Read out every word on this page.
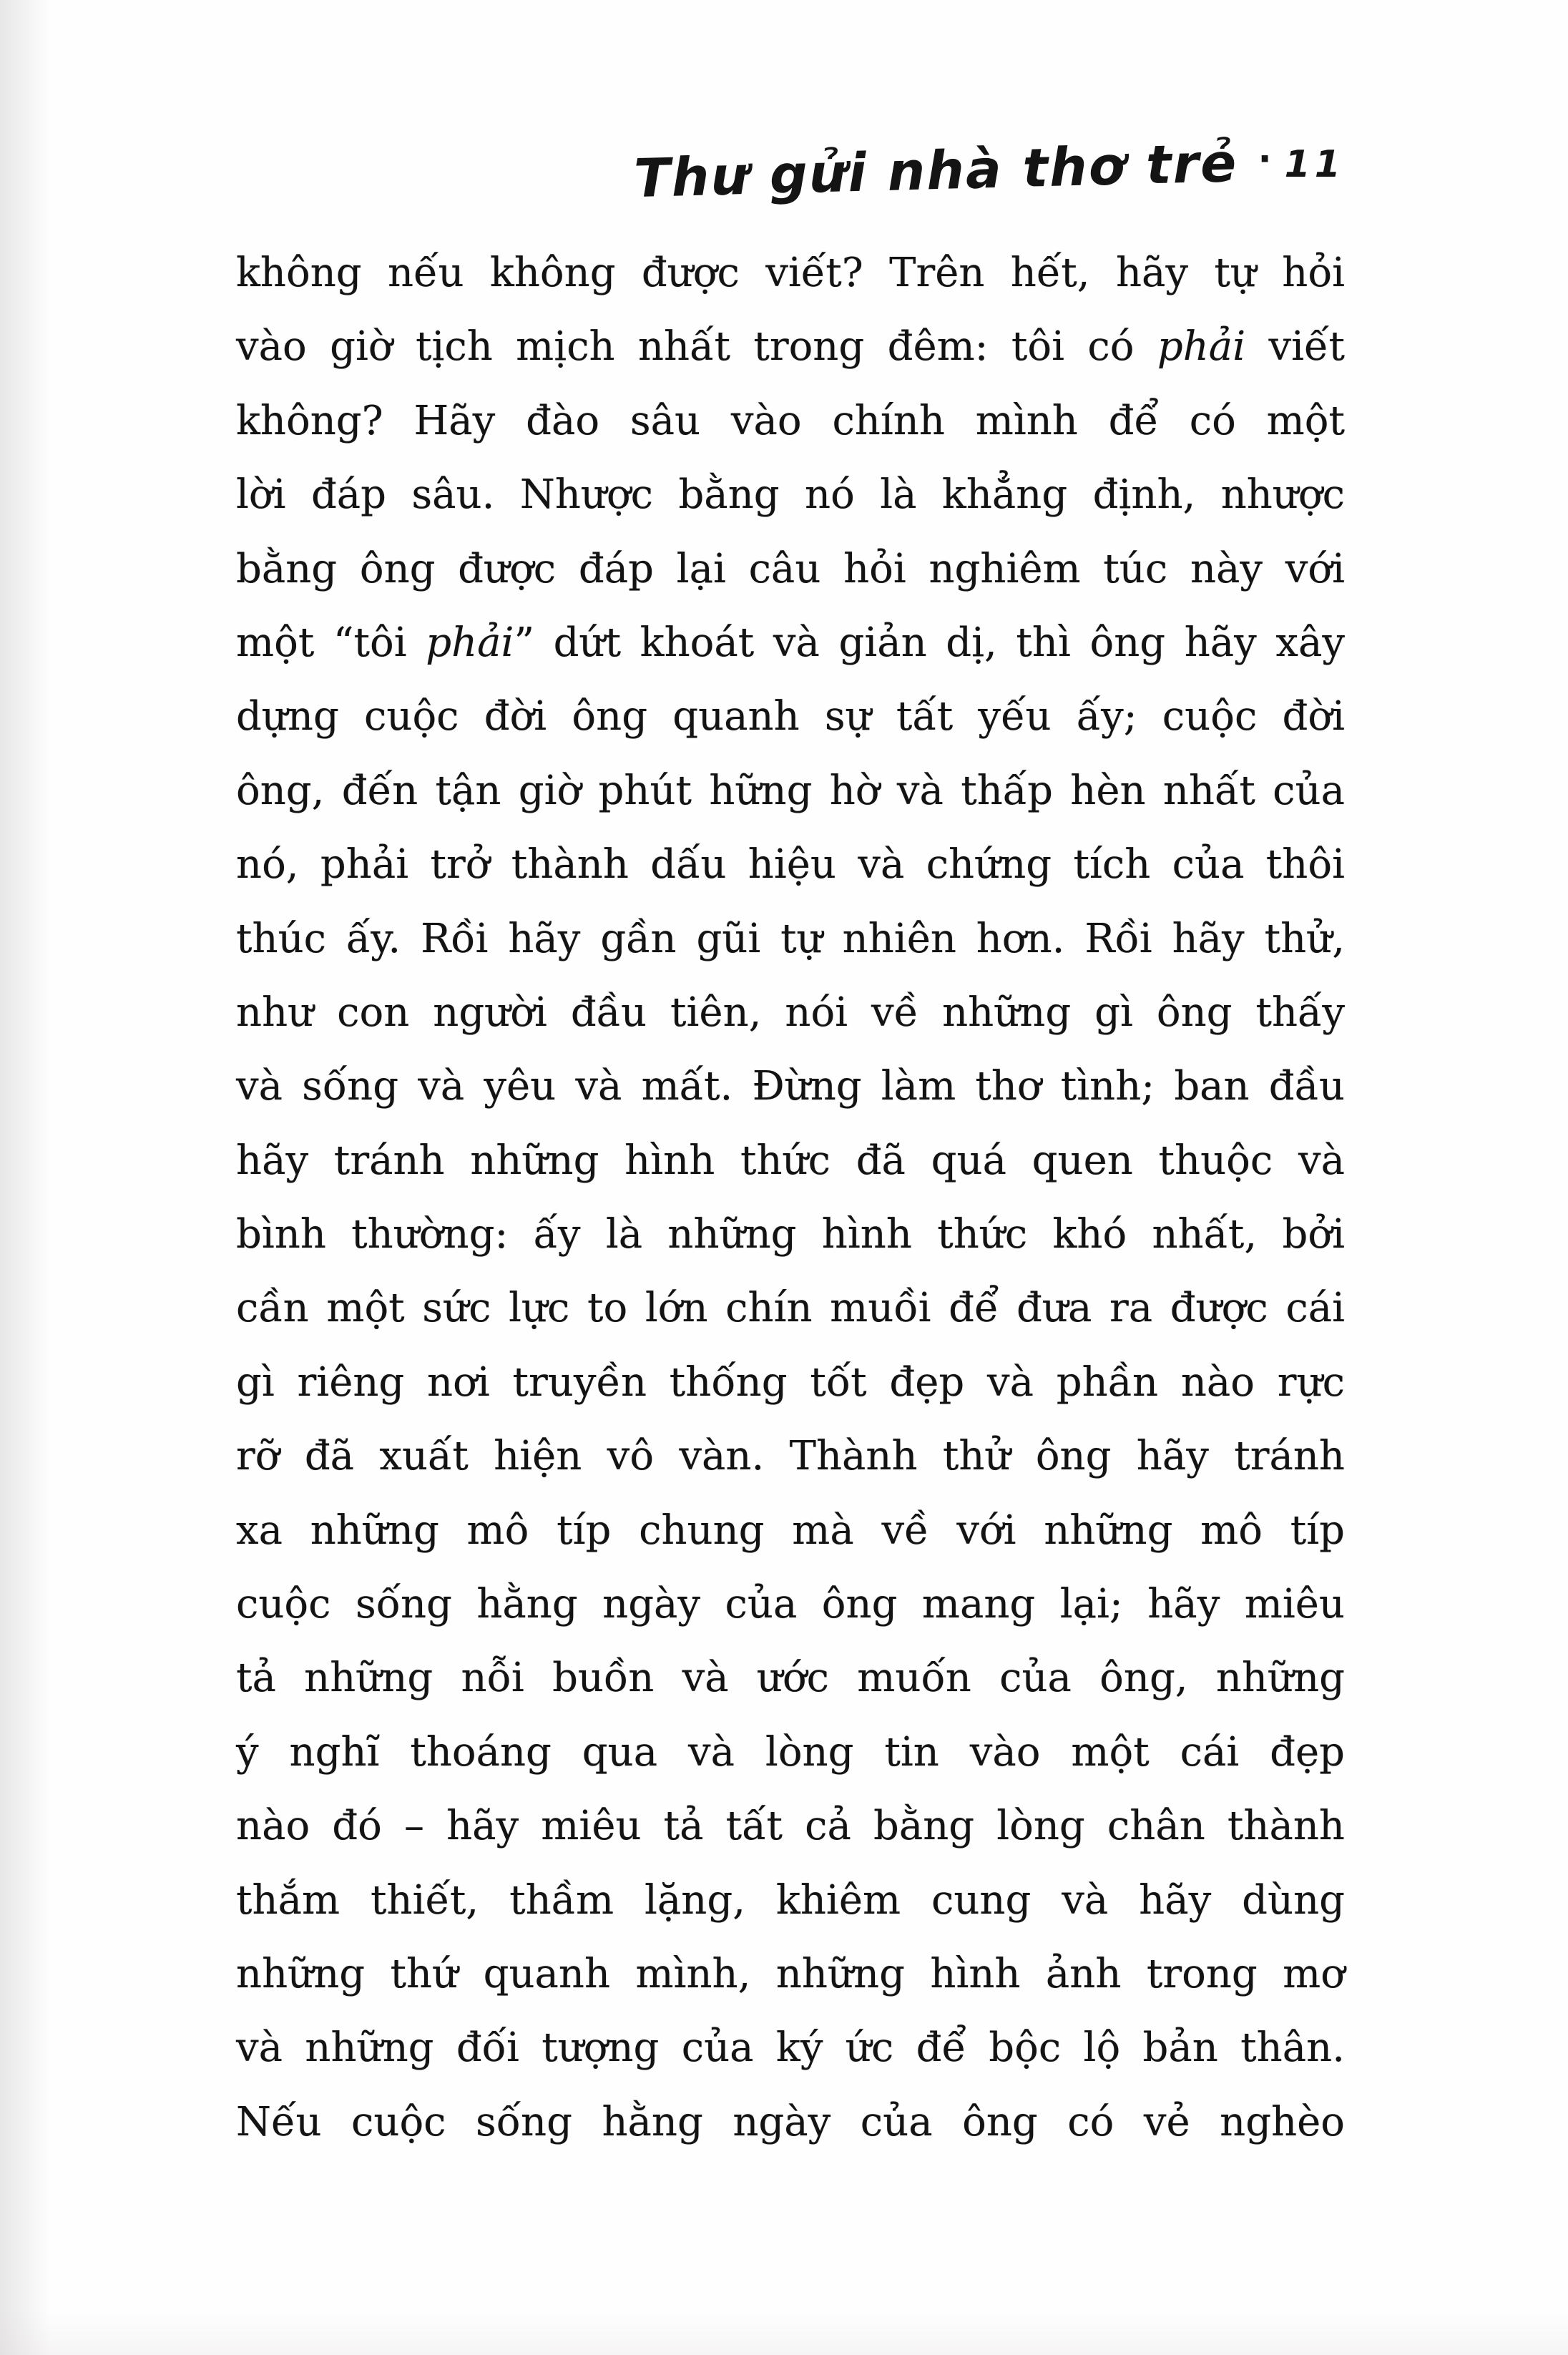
Thư gửi nhà thơ trẻ · 11
không nếu không được viết? Trên hết, hãy tự hỏi
vào giờ tịch mịch nhất trong đêm: tôi có phải viết
không? Hãy đào sâu vào chính mình để có một
lời đáp sâu. Nhược bằng nó là khẳng định, nhược
bằng ông được đáp lại câu hỏi nghiêm túc này với
một “tôi phải” dứt khoát và giản dị, thì ông hãy xây
dựng cuộc đời ông quanh sự tất yếu ấy; cuộc đời
ông, đến tận giờ phút hững hờ và thấp hèn nhất của
nó, phải trở thành dấu hiệu và chứng tích của thôi
thúc ấy. Rồi hãy gần gũi tự nhiên hơn. Rồi hãy thử,
như con người đầu tiên, nói về những gì ông thấy
và sống và yêu và mất. Đừng làm thơ tình; ban đầu
hãy tránh những hình thức đã quá quen thuộc và
bình thường: ấy là những hình thức khó nhất, bởi
cần một sức lực to lớn chín muồi để đưa ra được cái
gì riêng nơi truyền thống tốt đẹp và phần nào rực
rỡ đã xuất hiện vô vàn. Thành thử ông hãy tránh
xa những mô típ chung mà về với những mô típ
cuộc sống hằng ngày của ông mang lại; hãy miêu
tả những nỗi buồn và ước muốn của ông, những
ý nghĩ thoáng qua và lòng tin vào một cái đẹp
nào đó – hãy miêu tả tất cả bằng lòng chân thành
thắm thiết, thầm lặng, khiêm cung và hãy dùng
những thứ quanh mình, những hình ảnh trong mơ
và những đối tượng của ký ức để bộc lộ bản thân.
Nếu cuộc sống hằng ngày của ông có vẻ nghèo
